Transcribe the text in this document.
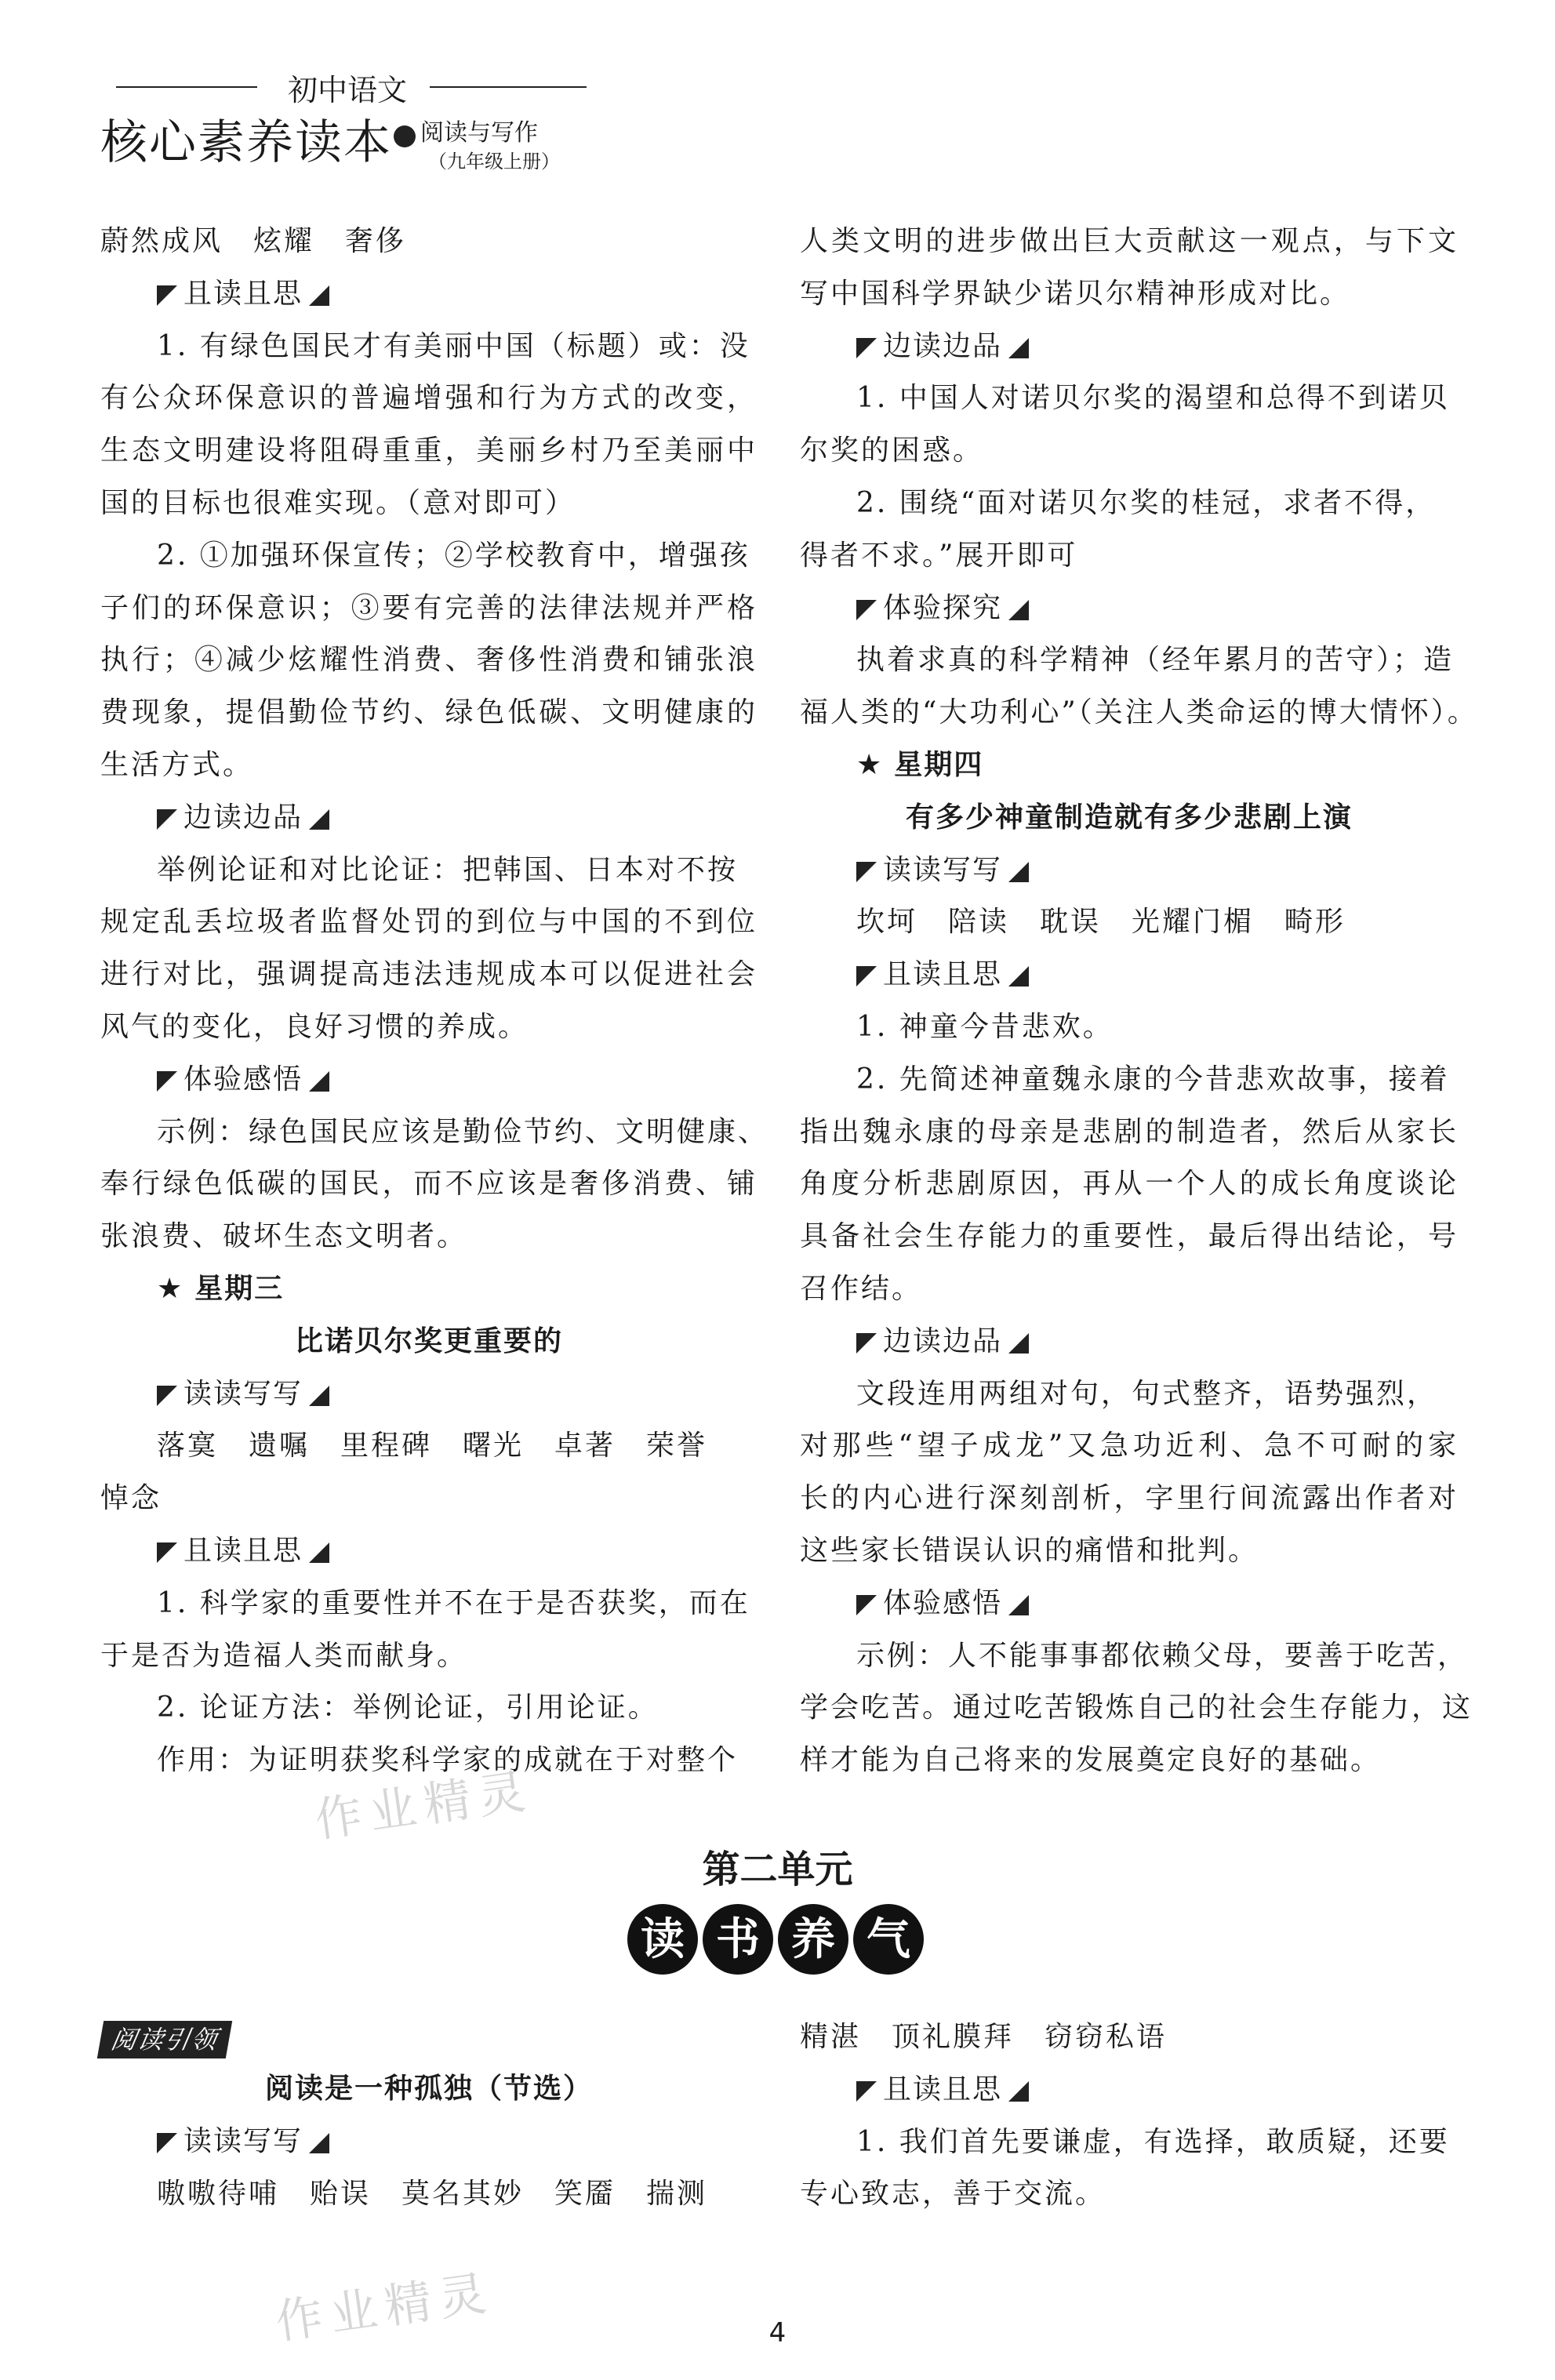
初中语文
核心素养读本 阅读与写作
（九年级上册）
蔚然成风　炫耀　奢侈
且读且思
1. 有绿色国民才有美丽中国（标题）或：没
有公众环保意识的普遍增强和行为方式的改变，
生态文明建设将阻碍重重，美丽乡村乃至美丽中
国的目标也很难实现。（意对即可）
2. ①加强环保宣传；②学校教育中，增强孩
子们的环保意识；③要有完善的法律法规并严格
执行；④减少炫耀性消费、奢侈性消费和铺张浪
费现象，提倡勤俭节约、绿色低碳、文明健康的
生活方式。
边读边品
举例论证和对比论证：把韩国、日本对不按
规定乱丢垃圾者监督处罚的到位与中国的不到位
进行对比，强调提高违法违规成本可以促进社会
风气的变化，良好习惯的养成。
体验感悟
示例：绿色国民应该是勤俭节约、文明健康、
奉行绿色低碳的国民，而不应该是奢侈消费、铺
张浪费、破坏生态文明者。
★ 星期三
比诺贝尔奖更重要的
读读写写
落寞　遗嘱　里程碑　曙光　卓著　荣誉
悼念
且读且思
1. 科学家的重要性并不在于是否获奖，而在
于是否为造福人类而献身。
2. 论证方法：举例论证，引用论证。
作用：为证明获奖科学家的成就在于对整个
人类文明的进步做出巨大贡献这一观点，与下文
写中国科学界缺少诺贝尔精神形成对比。
边读边品
1. 中国人对诺贝尔奖的渴望和总得不到诺贝
尔奖的困惑。
2. 围绕“面对诺贝尔奖的桂冠，求者不得，
得者不求。”展开即可
体验探究
执着求真的科学精神（经年累月的苦守）；造
福人类的“大功利心”（关注人类命运的博大情怀）。
★ 星期四
有多少神童制造就有多少悲剧上演
读读写写
坎坷　陪读　耽误　光耀门楣　畸形
且读且思
1. 神童今昔悲欢。
2. 先简述神童魏永康的今昔悲欢故事，接着
指出魏永康的母亲是悲剧的制造者，然后从家长
角度分析悲剧原因，再从一个人的成长角度谈论
具备社会生存能力的重要性，最后得出结论，号
召作结。
边读边品
文段连用两组对句，句式整齐，语势强烈，
对那些“望子成龙”又急功近利、急不可耐的家
长的内心进行深刻剖析，字里行间流露出作者对
这些家长错误认识的痛惜和批判。
体验感悟
示例：人不能事事都依赖父母，要善于吃苦，
学会吃苦。通过吃苦锻炼自己的社会生存能力，这
样才能为自己将来的发展奠定良好的基础。
第二单元
读 书 养 气
阅读引领
阅读是一种孤独（节选）
读读写写
嗷嗷待哺　贻误　莫名其妙　笑靥　揣测
精湛　顶礼膜拜　窃窃私语
且读且思
1. 我们首先要谦虚，有选择，敢质疑，还要
专心致志，善于交流。
4
作业精灵
作业精灵
